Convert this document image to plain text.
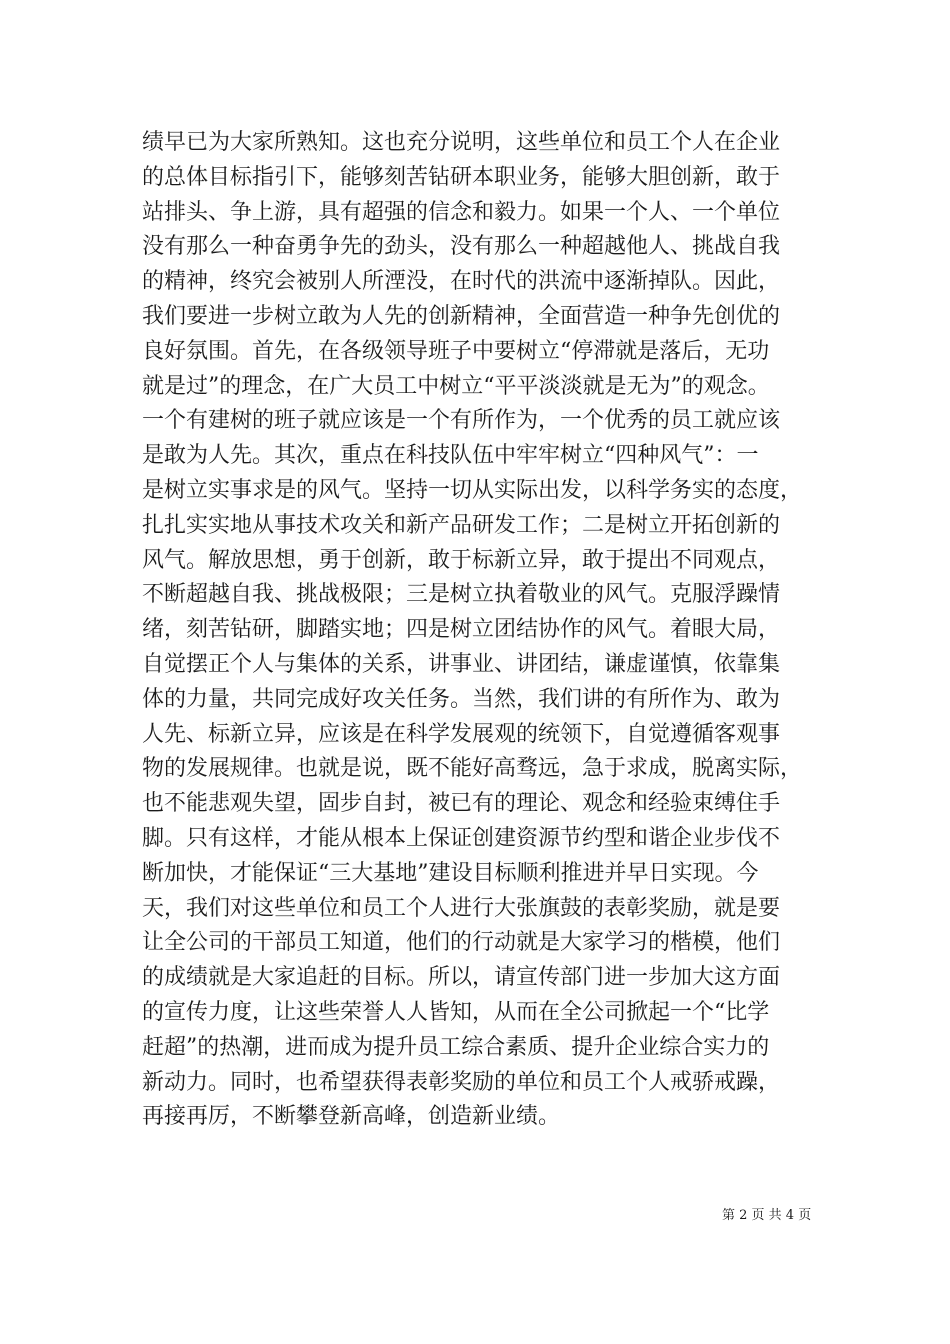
绩早已为大家所熟知。这也充分说明，这些单位和员工个人在企业
的总体目标指引下，能够刻苦钻研本职业务，能够大胆创新，敢于
站排头、争上游，具有超强的信念和毅力。如果一个人、一个单位
没有那么一种奋勇争先的劲头，没有那么一种超越他人、挑战自我
的精神，终究会被别人所湮没，在时代的洪流中逐渐掉队。因此，
我们要进一步树立敢为人先的创新精神，全面营造一种争先创优的
良好氛围。首先，在各级领导班子中要树立“停滞就是落后，无功
就是过”的理念，在广大员工中树立“平平淡淡就是无为”的观念。
一个有建树的班子就应该是一个有所作为，一个优秀的员工就应该
是敢为人先。其次，重点在科技队伍中牢牢树立“四种风气”：一
是树立实事求是的风气。坚持一切从实际出发，以科学务实的态度，
扎扎实实地从事技术攻关和新产品研发工作；二是树立开拓创新的
风气。解放思想，勇于创新，敢于标新立异，敢于提出不同观点，
不断超越自我、挑战极限；三是树立执着敬业的风气。克服浮躁情
绪，刻苦钻研，脚踏实地；四是树立团结协作的风气。着眼大局，
自觉摆正个人与集体的关系，讲事业、讲团结，谦虚谨慎，依靠集
体的力量，共同完成好攻关任务。当然，我们讲的有所作为、敢为
人先、标新立异，应该是在科学发展观的统领下，自觉遵循客观事
物的发展规律。也就是说，既不能好高骛远，急于求成，脱离实际，
也不能悲观失望，固步自封，被已有的理论、观念和经验束缚住手
脚。只有这样，才能从根本上保证创建资源节约型和谐企业步伐不
断加快，才能保证“三大基地”建设目标顺利推进并早日实现。今
天，我们对这些单位和员工个人进行大张旗鼓的表彰奖励，就是要
让全公司的干部员工知道，他们的行动就是大家学习的楷模，他们
的成绩就是大家追赶的目标。所以，请宣传部门进一步加大这方面
的宣传力度，让这些荣誉人人皆知，从而在全公司掀起一个“比学
赶超”的热潮，进而成为提升员工综合素质、提升企业综合实力的
新动力。同时，也希望获得表彰奖励的单位和员工个人戒骄戒躁，
再接再厉，不断攀登新高峰，创造新业绩。
第 2 页 共 4 页
